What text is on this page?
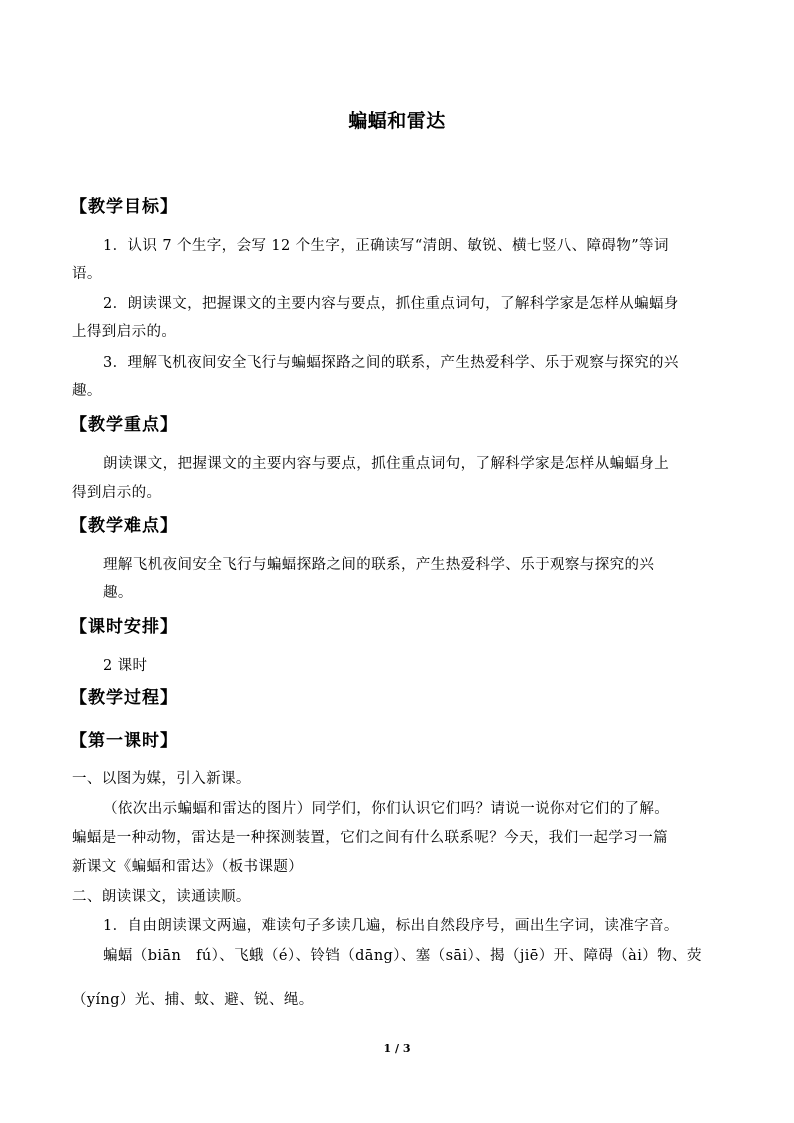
蝙蝠和雷达
【教学目标】
1．认识 7 个生字，会写 12 个生字，正确读写“清朗、敏锐、横七竖八、障碍物”等词
语。
2．朗读课文，把握课文的主要内容与要点，抓住重点词句，了解科学家是怎样从蝙蝠身
上得到启示的。
3．理解飞机夜间安全飞行与蝙蝠探路之间的联系，产生热爱科学、乐于观察与探究的兴
趣。
【教学重点】
朗读课文，把握课文的主要内容与要点，抓住重点词句，了解科学家是怎样从蝙蝠身上
得到启示的。
【教学难点】
理解飞机夜间安全飞行与蝙蝠探路之间的联系，产生热爱科学、乐于观察与探究的兴
趣。
【课时安排】
2 课时
【教学过程】
【第一课时】
一、以图为媒，引入新课。
（依次出示蝙蝠和雷达的图片）同学们，你们认识它们吗？请说一说你对它们的了解。
蝙蝠是一种动物，雷达是一种探测装置，它们之间有什么联系呢？今天，我们一起学习一篇
新课文《蝙蝠和雷达》（板书课题）
二、朗读课文，读通读顺。
1．自由朗读课文两遍，难读句子多读几遍，标出自然段序号，画出生字词，读准字音。
蝙蝠（biān　fú）、飞蛾（é）、铃铛（dāng）、塞（sāi）、揭（jiē）开、障碍（ài）物、荧
（yíng）光、捕、蚊、避、锐、绳。
1 / 3
